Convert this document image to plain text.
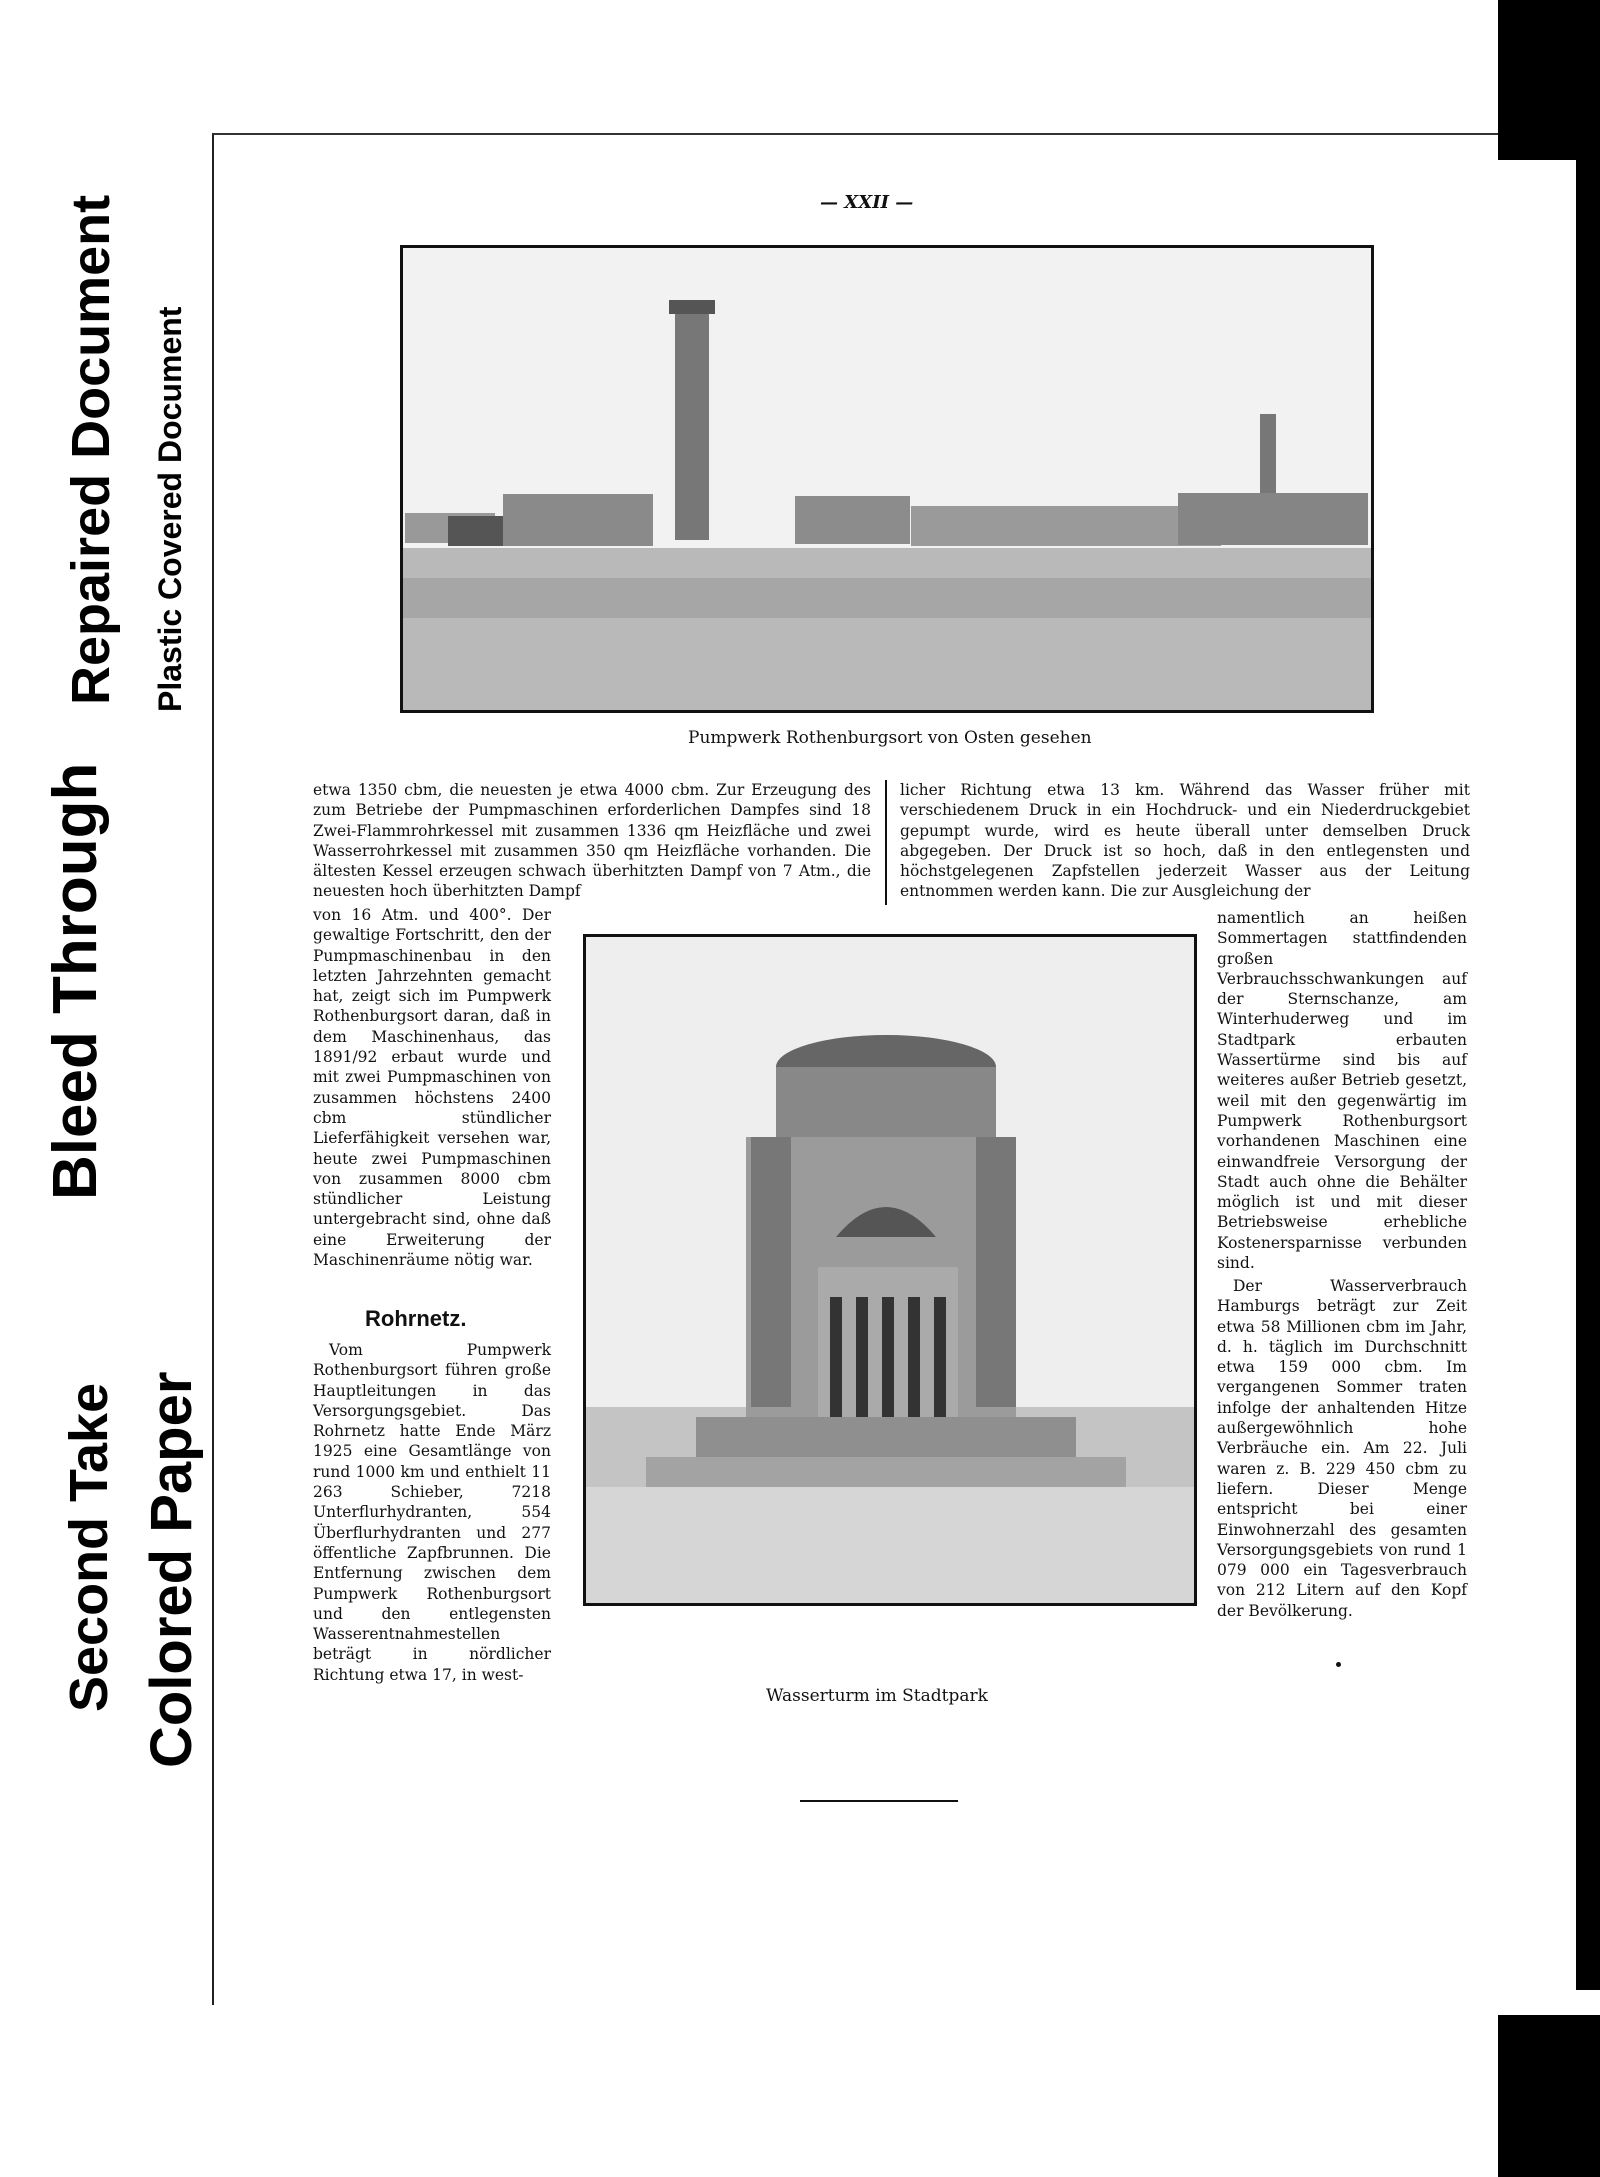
Bleed Through
Repaired Document Plastic Covered Document
Second Take Colored Paper
— XXII —
Pumpwerk Rothenburgsort von Osten gesehen

etwa 1350 cbm, die neuesten je etwa 4000 cbm. Zur Erzeugung des zum Betriebe der Pumpmaschinen erforderlichen Dampfes sind 18 Zwei-Flammrohrkessel mit zusammen 1336 qm Heizfläche und zwei Wasserrohrkessel mit zusammen 350 qm Heizfläche vorhanden. Die ältesten Kessel erzeugen schwach überhitzten Dampf von 7 Atm., die neuesten hoch überhitzten Dampf

licher Richtung etwa 13 km. Während das Wasser früher mit verschiedenem Druck in ein Hochdruck- und ein Niederdruckgebiet gepumpt wurde, wird es heute überall unter demselben Druck abgegeben. Der Druck ist so hoch, daß in den entlegensten und höchstgelegenen Zapfstellen jederzeit Wasser aus der Leitung entnommen werden kann. Die zur Ausgleichung der

Wasserturm im Stadtpark

von 16 Atm. und 400°. Der gewaltige Fortschritt, den der Pumpmaschinenbau in den letzten Jahrzehnten gemacht hat, zeigt sich im Pumpwerk Rothenburgsort daran, daß in dem Maschinenhaus, das 1891/92 erbaut wurde und mit zwei Pumpmaschinen von zusammen höchstens 2400 cbm stündlicher Lieferfähigkeit versehen war, heute zwei Pumpmaschinen von zusammen 8000 cbm stündlicher Leistung untergebracht sind, ohne daß eine Erweiterung der Maschinenräume nötig war.

Rohrnetz.

Vom Pumpwerk Rothenburgsort führen große Hauptleitungen in das Versorgungsgebiet. Das Rohrnetz hatte Ende März 1925 eine Gesamtlänge von rund 1000 km und enthielt 11 263 Schieber, 7218 Unterflurhydranten, 554 Überflurhydranten und 277 öffentliche Zapfbrunnen. Die Entfernung zwischen dem Pumpwerk Rothenburgsort und den entlegensten Wasserentnahmestellen beträgt in nördlicher Richtung etwa 17, in west-

namentlich an heißen Sommertagen stattfindenden großen Verbrauchsschwankungen auf der Sternschanze, am Winterhuderweg und im Stadtpark erbauten Wassertürme sind bis auf weiteres außer Betrieb gesetzt, weil mit den gegenwärtig im Pumpwerk Rothenburgsort vorhandenen Maschinen eine einwandfreie Versorgung der Stadt auch ohne die Behälter möglich ist und mit dieser Betriebsweise erhebliche Kostenersparnisse verbunden sind.

Der Wasserverbrauch Hamburgs beträgt zur Zeit etwa 58 Millionen cbm im Jahr, d. h. täglich im Durchschnitt etwa 159 000 cbm. Im vergangenen Sommer traten infolge der anhaltenden Hitze außergewöhnlich hohe Verbräuche ein. Am 22. Juli waren z. B. 229 450 cbm zu liefern. Dieser Menge entspricht bei einer Einwohnerzahl des gesamten Versorgungsgebiets von rund 1 079 000 ein Tagesverbrauch von 212 Litern auf den Kopf der Bevölkerung.
